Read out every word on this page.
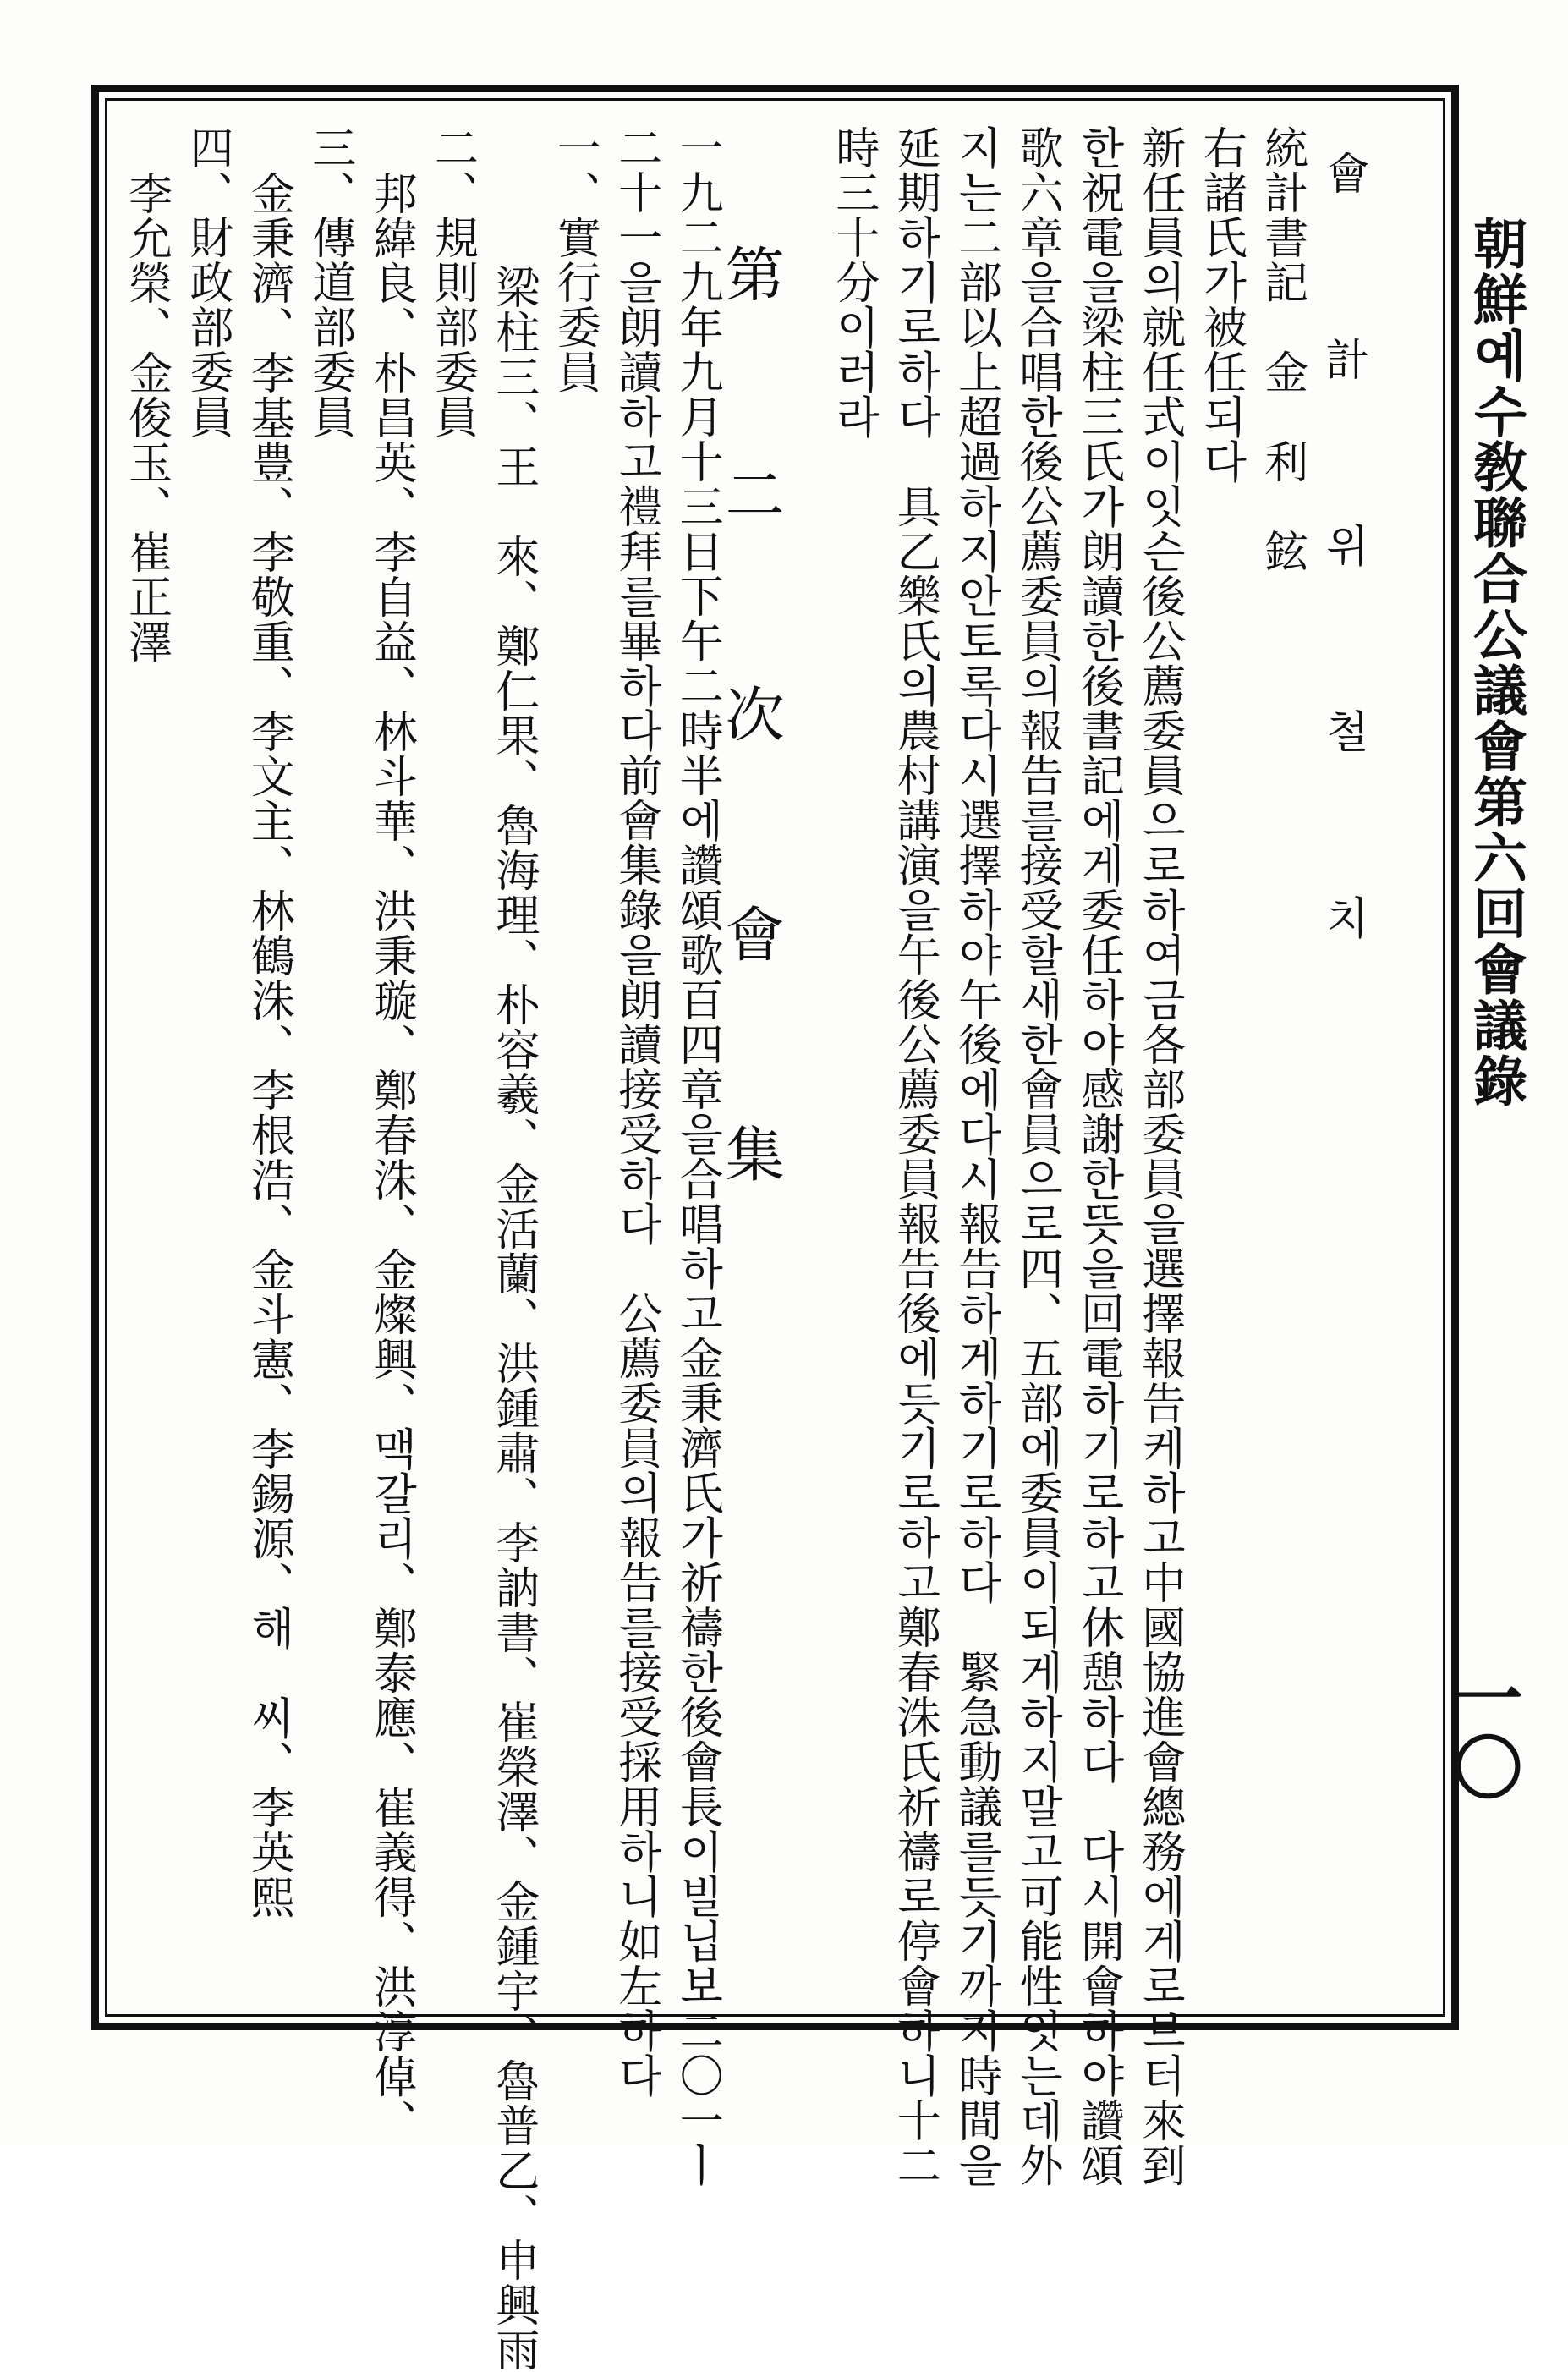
朝鮮예수敎聯合公議會第六回會議錄
一〇
會　計　위　철　치
統計書記　金　利　鉉
右諸氏가被任되다
新任員의就任式이잇슨後公薦委員으로하여금各部委員을選擇報告케하고中國協進會總務에게로브터來到
한祝電을梁柱三氏가朗讀한後書記에게委任하야感謝한뜻을回電하기로하고休憩하다　다시開會하야讚頌
歌六章을合唱한後公薦委員의報告를接受할새한會員으로四、五部에委員이되게하지말고可能性잇는데外
지는二部以上超過하지안토록다시選擇하야午後에다시報告하게하기로하다　緊急動議를듯기까지時間을
延期하기로하다　具乙樂氏의農村講演을午後公薦委員報告後에듯기로하고鄭春洙氏祈禱로停會하니十二
時三十分이러라
第　二　次　會　集
一九二九年九月十三日下午二時半에讚頌歌百四章을合唱하고金秉濟氏가祈禱한後會長이빌닙보二〇一ㅣ
二十一을朗讀하고禮拜를畢하다前會集錄을朗讀接受하다　公薦委員의報告를接受採用하니如左하다
一、實行委員
梁柱三、王　來、鄭仁果、魯海理、朴容羲、金活蘭、洪鍾肅、李訥書、崔榮澤、金鍾宇、魯普乙、申興雨
二、規則部委員
邦緯良、朴昌英、李自益、林斗華、洪秉璇、鄭春洙、金燦興、맥갈리、鄭泰應、崔義得、洪淳倬、
三、傳道部委員
金秉濟、李基豊、李敬重、李文主、林鶴洙、李根浩、金斗憲、李錫源、해　씨、李英熙
四、財政部委員
李允榮、金俊玉、崔正澤
